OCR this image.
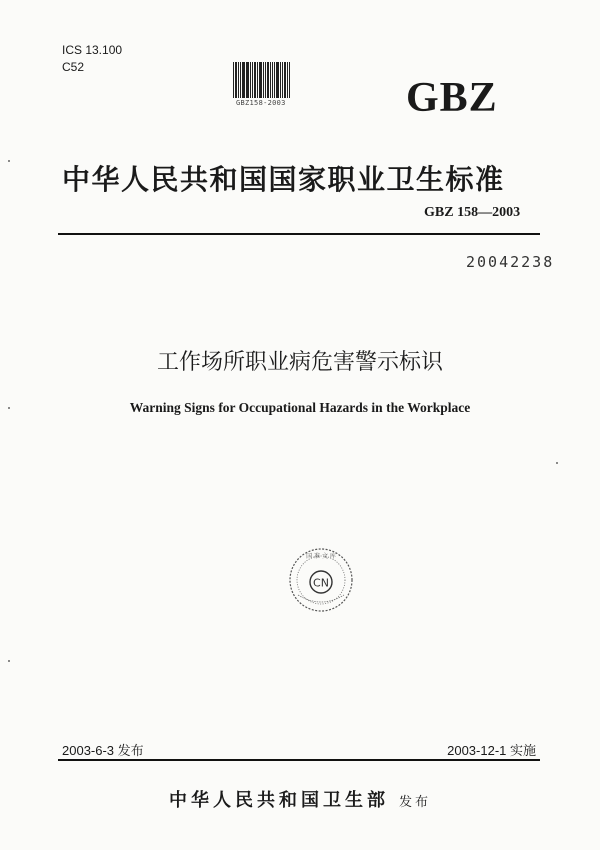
ICS 13.100
C52
GBZ158-2003	GBZ
中华人民共和国国家职业卫生标准
GBZ 158—2003
20042238
工作场所职业病危害警示标识
Warning Signs for Occupational Hazards in the Workplace
CN
国 准 文 库
2003-6-3 发布	2003-12-1 实施
中华人民共和国卫生部 发布
